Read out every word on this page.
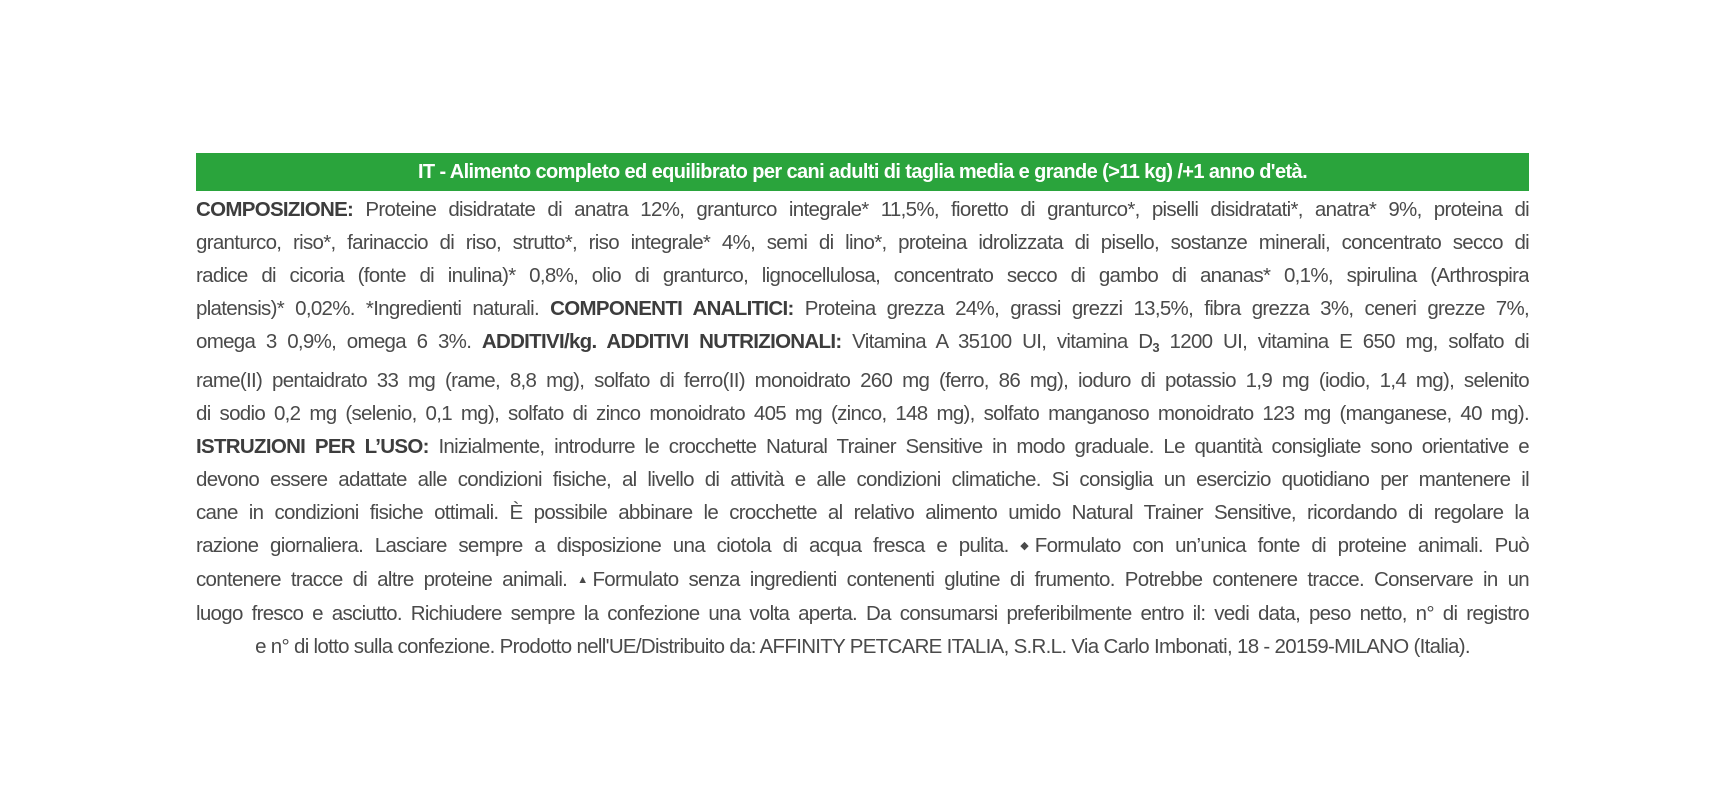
IT - Alimento completo ed equilibrato per cani adulti di taglia media e grande (>11 kg) /+1 anno d'età.
COMPOSIZIONE: Proteine disidratate di anatra 12%, granturco integrale* 11,5%, fioretto di granturco*, piselli disidratati*, anatra* 9%, proteina di
granturco, riso*, farinaccio di riso, strutto*, riso integrale* 4%, semi di lino*, proteina idrolizzata di pisello, sostanze minerali, concentrato secco di
radice di cicoria (fonte di inulina)* 0,8%, olio di granturco, lignocellulosa, concentrato secco di gambo di ananas* 0,1%, spirulina (Arthrospira
platensis)* 0,02%. *Ingredienti naturali. COMPONENTI ANALITICI: Proteina grezza 24%, grassi grezzi 13,5%, fibra grezza 3%, ceneri grezze 7%,
omega 3 0,9%, omega 6 3%. ADDITIVI/kg. ADDITIVI NUTRIZIONALI: Vitamina A 35100 UI, vitamina D3 1200 UI, vitamina E 650 mg, solfato di
rame(II) pentaidrato 33 mg (rame, 8,8 mg), solfato di ferro(II) monoidrato 260 mg (ferro, 86 mg), ioduro di potassio 1,9 mg (iodio, 1,4 mg), selenito
di sodio 0,2 mg (selenio, 0,1 mg), solfato di zinco monoidrato 405 mg (zinco, 148 mg), solfato manganoso monoidrato 123 mg (manganese, 40 mg).
ISTRUZIONI PER L’USO: Inizialmente, introdurre le crocchette Natural Trainer Sensitive in modo graduale. Le quantità consigliate sono orientative e
devono essere adattate alle condizioni fisiche, al livello di attività e alle condizioni climatiche. Si consiglia un esercizio quotidiano per mantenere il
cane in condizioni fisiche ottimali. È possibile abbinare le crocchette al relativo alimento umido Natural Trainer Sensitive, ricordando di regolare la
razione giornaliera. Lasciare sempre a disposizione una ciotola di acqua fresca e pulita. ◆Formulato con un’unica fonte di proteine animali. Può
contenere tracce di altre proteine animali. ▲Formulato senza ingredienti contenenti glutine di frumento. Potrebbe contenere tracce. Conservare in un
luogo fresco e asciutto. Richiudere sempre la confezione una volta aperta. Da consumarsi preferibilmente entro il: vedi data, peso netto, n° di registro
e n° di lotto sulla confezione. Prodotto nell'UE/Distribuito da: AFFINITY PETCARE ITALIA, S.R.L. Via Carlo Imbonati, 18 - 20159-MILANO (Italia).
